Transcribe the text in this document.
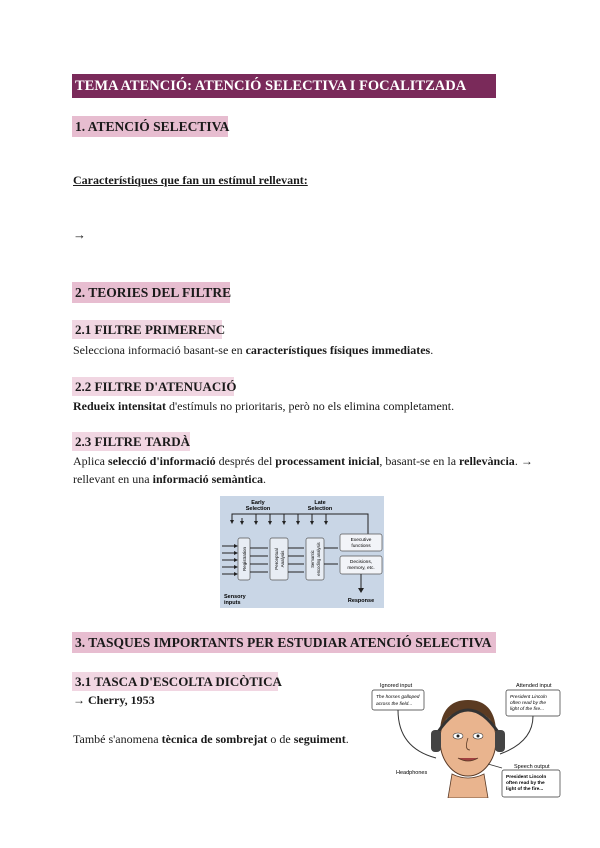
TEMA ATENCIÓ: ATENCIÓ SELECTIVA I FOCALITZADA
1. ATENCIÓ SELECTIVA
Característiques que fan un estímul rellevant:
→
2. TEORIES DEL FILTRE
2.1 FILTRE PRIMERENC
Selecciona informació basant-se en característiques físiques immediates.
2.2 FILTRE D'ATENUACIÓ
Redueix intensitat d'estímuls no prioritaris, però no els elimina completament.
2.3 FILTRE TARDÀ
Aplica selecció d'informació després del processament inicial, basant-se en la rellevància. →
rellevant en una informació semàntica.
Early
Selection
Late
Selection
Registration	Perceptual Analysis	Semantic encoding analysis
Executive
functions
Decisions,
memory, etc.
Sensory
inputs	Response
3. TASQUES IMPORTANTS PER ESTUDIAR ATENCIÓ SELECTIVA
3.1 TASCA D'ESCOLTA DICÒTICA
→ Cherry, 1953
També s'anomena tècnica de sombrejat o de seguiment.
Ignored input
The horses galloped
across the field...
Attended input
President Lincoln
often read by the
light of the fire...
Headphones
Speech output
President Lincoln
often read by the
light of the fire...
